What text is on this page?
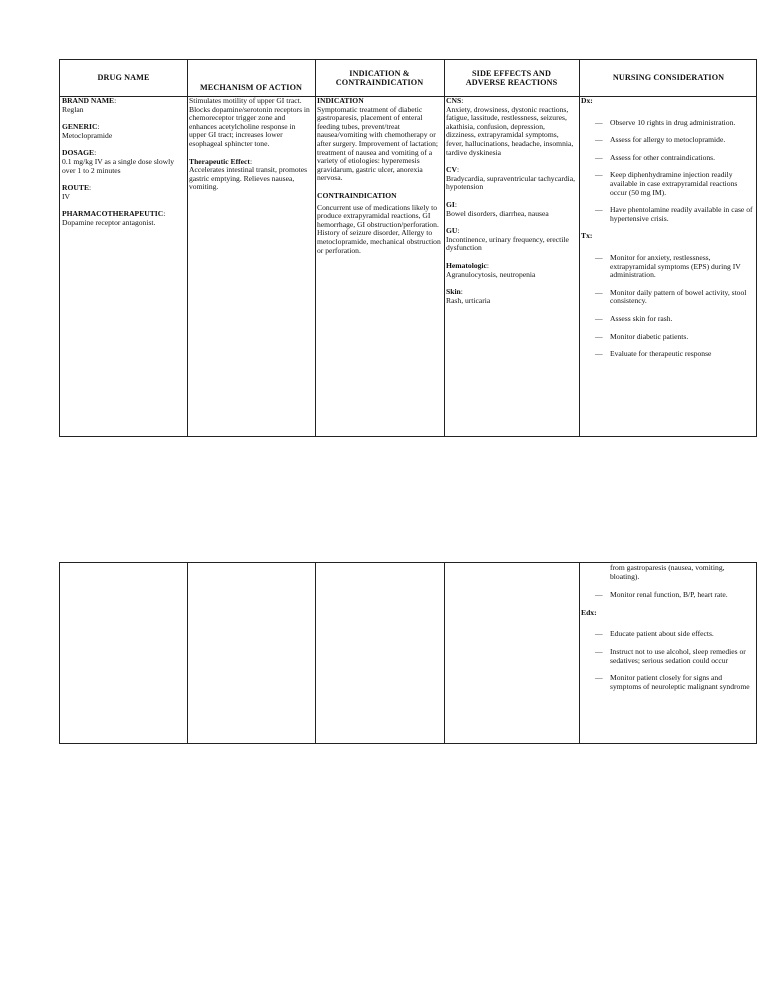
DRUG NAME
MECHANISM OF ACTION
INDICATION & CONTRAINDICATION
SIDE EFFECTS AND ADVERSE REACTIONS
NURSING CONSIDERATION
BRAND NAME:
Reglan
GENERIC:
Metoclopramide
DOSAGE:
0.1 mg/kg IV as a single dose slowly over 1 to 2 minutes
ROUTE:
IV
PHARMACOTHERAPEUTIC:
Dopamine receptor antagonist.
Stimulates motility of upper GI tract. Blocks dopamine/serotonin receptors in chemoreceptor trigger zone and enhances acetylcholine response in upper GI tract; increases lower esophageal sphincter tone.
Therapeutic Effect:
Accelerates intestinal transit, promotes gastric emptying. Relieves nausea, vomiting.
INDICATION
Symptomatic treatment of diabetic gastroparesis, placement of enteral feeding tubes, prevent/treat nausea/vomiting with chemotherapy or after surgery. Improvement of lactation; treatment of nausea and vomiting of a variety of etiologies: hyperemesis gravidarum, gastric ulcer, anorexia nervosa.
CONTRAINDICATION
Concurrent use of medications likely to produce extrapyramidal reactions, GI hemorrhage, GI obstruction/perforation. History of seizure disorder, Allergy to metoclopramide, mechanical obstruction or perforation.
CNS:
Anxiety, drowsiness, dystonic reactions, fatigue, lassitude, restlessness, seizures, akathisia, confusion, depression, dizziness, extrapyramidal symptoms, fever, hallucinations, headache, insomnia, tardive dyskinesia
CV:
Bradycardia, supraventricular tachycardia, hypotension
GI:
Bowel disorders, diarrhea, nausea
GU:
Incontinence, urinary frequency, erectile dysfunction
Hematologic:
Agranulocytosis, neutropenia
Skin:
Rash, urticaria
Dx:
— Observe 10 rights in drug administration.
— Assess for allergy to metoclopramide.
— Assess for other contraindications.
— Keep diphenhydramine injection readily available in case extrapyramidal reactions occur (50 mg IM).
— Have phentolamine readily available in case of hypertensive crisis.
Tx:
— Monitor for anxiety, restlessness, extrapyramidal symptoms (EPS) during IV administration.
— Monitor daily pattern of bowel activity, stool consistency.
— Assess skin for rash.
— Monitor diabetic patients.
— Evaluate for therapeutic response
from gastroparesis (nausea, vomiting, bloating).
— Monitor renal function, B/P, heart rate.
Edx:
— Educate patient about side effects.
— Instruct not to use alcohol, sleep remedies or sedatives; serious sedation could occur
— Monitor patient closely for signs and symptoms of neuroleptic malignant syndrome
